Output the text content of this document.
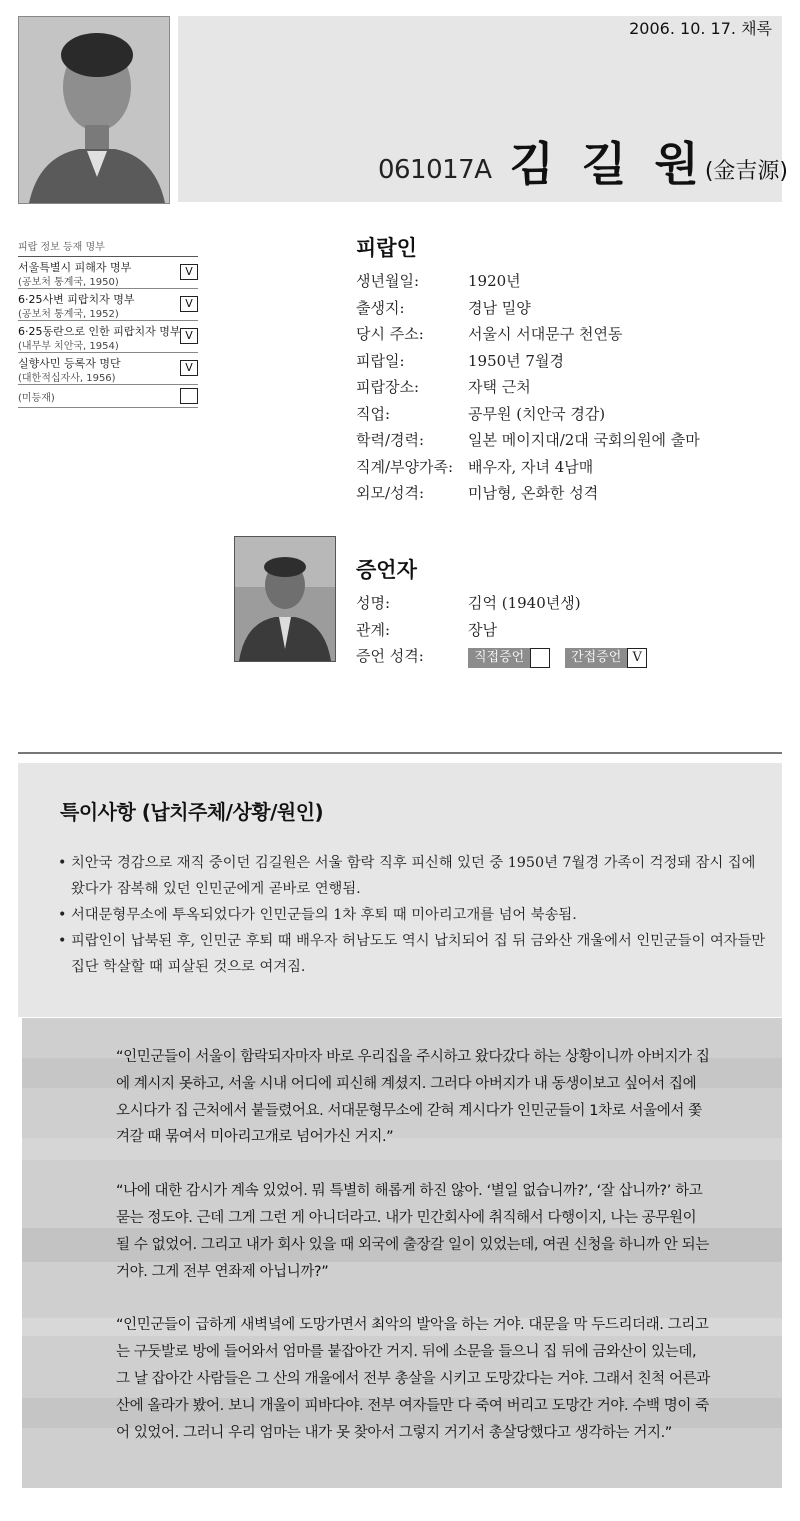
2006. 10. 17. 채록
061017A 김 길 원 (金吉源)
피랍 정보 등재 명부
서울특별시 피해자 명부
(공보처 통계국, 1950)
V
6·25사변 피랍치자 명부
(공보처 통계국, 1952)
V
6·25동란으로 인한 피랍치자 명부
(내무부 치안국, 1954)
V
실향사민 등록자 명단
(대한적십자사, 1956)
V
(미등재)
피랍인
생년월일:	1920년
출생지:	경남 밀양
당시 주소:	서울시 서대문구 천연동
피랍일:	1950년 7월경
피랍장소:	자택 근처
직업:	공무원 (치안국 경감)
학력/경력:	일본 메이지대/2대 국회의원에 출마
직계/부양가족: 배우자, 자녀 4남매
외모/성격:	미남형, 온화한 성격
증언자
성명:	김억 (1940년생)
관계:	장남
증언 성격:	직접증언
	간접증언 V
특이사항 (납치주체/상황/원인)
• 치안국 경감으로 재직 중이던 김길원은 서울 함락 직후 피신해 있던 중 1950년 7월경 가족이 걱정돼 잠시 집에 왔다가 잠복해 있던 인민군에게 곧바로 연행됨.
• 서대문형무소에 투옥되었다가 인민군들의 1차 후퇴 때 미아리고개를 넘어 북송됨.
• 피랍인이 납북된 후, 인민군 후퇴 때 배우자 허남도도 역시 납치되어 집 뒤 금와산 개울에서 인민군들이 여자들만 집단 학살할 때 피살된 것으로 여겨짐.

“인민군들이 서울이 함락되자마자 바로 우리집을 주시하고 왔다갔다 하는 상황이니까 아버지가 집에 계시지 못하고, 서울 시내 어디에 피신해 계셨지. 그러다 아버지가 내 동생이보고 싶어서 집에 오시다가 집 근처에서 붙들렸어요. 서대문형무소에 갇혀 계시다가 인민군들이 1차로 서울에서 쫓겨갈 때 묶여서 미아리고개로 넘어가신 거지.”

“나에 대한 감시가 계속 있었어. 뭐 특별히 해롭게 하진 않아. ‘별일 없습니까?’, ‘잘 삽니까?’ 하고 묻는 정도야. 근데 그게 그런 게 아니더라고. 내가 민간회사에 취직해서 다행이지, 나는 공무원이 될 수 없었어. 그리고 내가 회사 있을 때 외국에 출장갈 일이 있었는데, 여권 신청을 하니까 안 되는 거야. 그게 전부 연좌제 아닙니까?”

“인민군들이 급하게 새벽녘에 도망가면서 최악의 발악을 하는 거야. 대문을 막 두드리더래. 그리고는 구둣발로 방에 들어와서 엄마를 붙잡아간 거지. 뒤에 소문을 들으니 집 뒤에 금와산이 있는데, 그 날 잡아간 사람들은 그 산의 개울에서 전부 총살을 시키고 도망갔다는 거야. 그래서 친척 어른과 산에 올라가 봤어. 보니 개울이 피바다야. 전부 여자들만 다 죽여 버리고 도망간 거야. 수백 명이 죽어 있었어. 그러니 우리 엄마는 내가 못 찾아서 그렇지 거기서 총살당했다고 생각하는 거지.”
